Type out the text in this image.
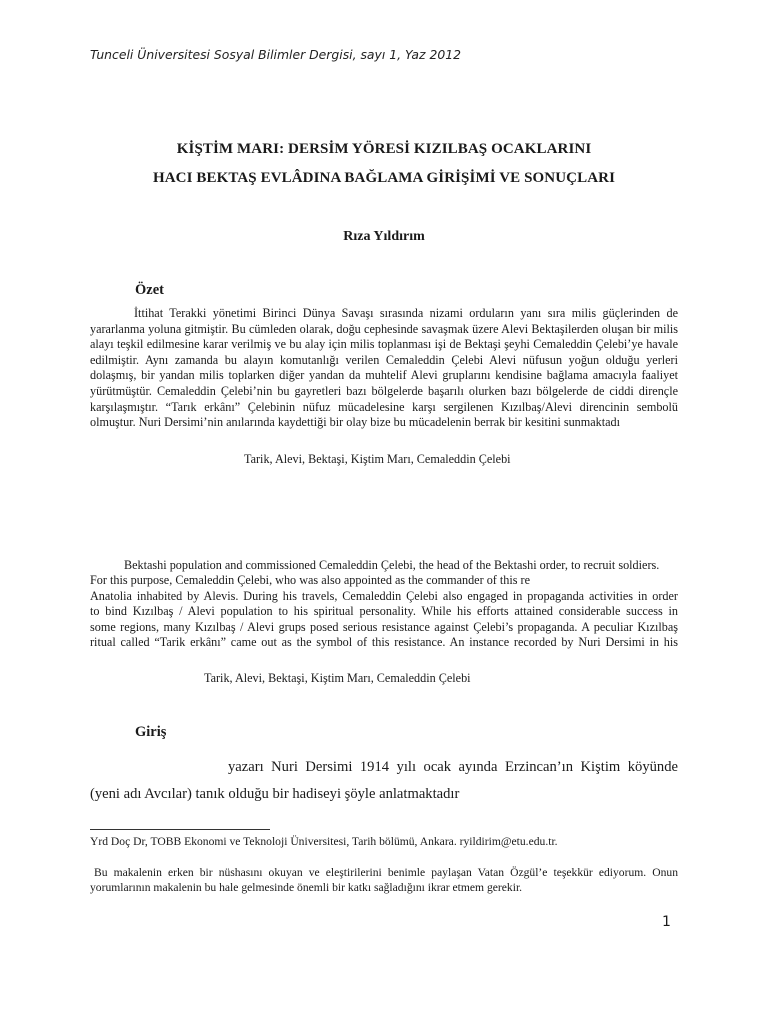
Tunceli Üniversitesi Sosyal Bilimler Dergisi, sayı 1, Yaz 2012
KİŞTİM MARI: DERSİM YÖRESİ KIZILBAŞ OCAKLARINI
HACI BEKTAŞ EVLÂDINA BAĞLAMA GİRİŞİMİ VE SONUÇLARI
Rıza Yıldırım
Özet
İttihat Terakki yönetimi Birinci Dünya Savaşı sırasında nizami orduların yanı sıra milis güçlerinden de yararlanma yoluna gitmiştir. Bu cümleden olarak, doğu cephesinde savaşmak üzere Alevi Bektaşilerden oluşan bir milis alayı teşkil edilmesine karar verilmiş ve bu alay için milis toplanması işi de Bektaşi şeyhi Cemaleddin Çelebi’ye havale edilmiştir. Aynı zamanda bu alayın komutanlığı verilen Cemaleddin Çelebi Alevi nüfusun yoğun olduğu yerleri dolaşmış, bir yandan milis toplarken diğer yandan da muhtelif Alevi gruplarını kendisine bağlama amacıyla faaliyet yürütmüştür. Cemaleddin Çelebi’nin bu gayretleri bazı bölgelerde başarılı olurken bazı bölgelerde de ciddi dirençle karşılaşmıştır. “Tarık erkânı” Çelebinin nüfuz mücadelesine karşı sergilenen Kızılbaş/Alevi direncinin sembolü olmuştur. Nuri Dersimi’nin anılarında kaydettiği bir olay bize bu mücadelenin berrak bir kesitini sunmaktadı
Tarik, Alevi, Bektaşi, Kiştim Marı, Cemaleddin Çelebi
Bektashi population and commissioned Cemaleddin Çelebi, the head of the Bektashi order, to recruit soldiers.
For this purpose, Cemaleddin Çelebi, who was also appointed as the commander of this re
Anatolia inhabited by Alevis. During his travels, Cemaleddin Çelebi also engaged in propaganda activities in order
to bind Kızılbaş / Alevi population to his spiritual personality. While his efforts attained considerable success in
some regions, many Kızılbaş / Alevi grups posed serious resistance against Çelebi’s propaganda. A peculiar Kızılbaş
ritual called “Tarik erkânı” came out as the symbol of this resistance. An instance recorded by Nuri Dersimi in his
Tarik, Alevi, Bektaşi, Kiştim Marı, Cemaleddin Çelebi
Giriş
yazarı Nuri Dersimi 1914 yılı ocak ayında Erzincan’ın Kiştim köyünde
(yeni adı Avcılar) tanık olduğu bir hadiseyi şöyle anlatmaktadır
Yrd Doç Dr, TOBB Ekonomi ve Teknoloji Üniversitesi, Tarih bölümü, Ankara. ryildirim@etu.edu.tr.
Bu makalenin erken bir nüshasını okuyan ve eleştirilerini benimle paylaşan Vatan Özgül’e teşekkür ediyorum. Onun yorumlarının makalenin bu hale gelmesinde önemli bir katkı sağladığını ikrar etmem gerekir.
1
